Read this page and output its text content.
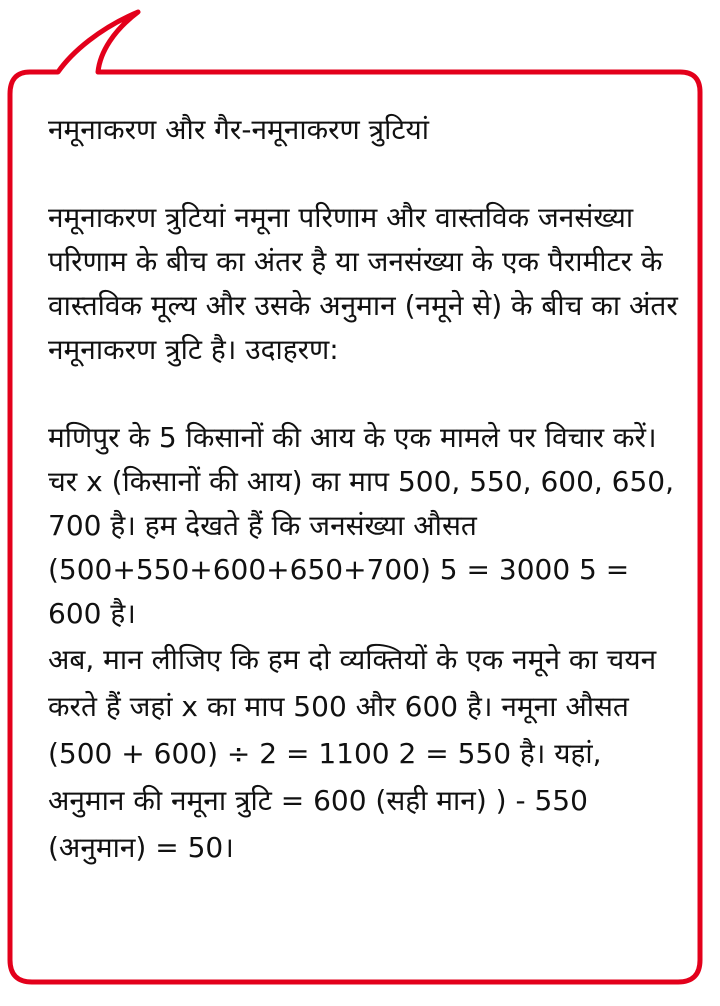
नमूनाकरण और गैर-नमूनाकरण त्रुटियां

नमूनाकरण त्रुटियां नमूना परिणाम और वास्तविक जनसंख्या परिणाम के बीच का अंतर है या जनसंख्या के एक पैरामीटर के वास्तविक मूल्य और उसके अनुमान (नमूने से) के बीच का अंतर नमूनाकरण त्रुटि है। उदाहरण:

मणिपुर के 5 किसानों की आय के एक मामले पर विचार करें।

चर x (किसानों की आय) का माप 500, 550, 600, 650, 700 है। हम देखते हैं कि जनसंख्या औसत (500+550+600+650+700) 5 = 3000 5 = 600 है।

अब, मान लीजिए कि हम दो व्यक्तियों के एक नमूने का चयन करते हैं जहां x का माप 500 और 600 है। नमूना औसत (500 + 600) ÷ 2 = 1100 2 = 550 है। यहां, अनुमान की नमूना त्रुटि = 600 (सही मान) ) - 550 (अनुमान) = 50।
